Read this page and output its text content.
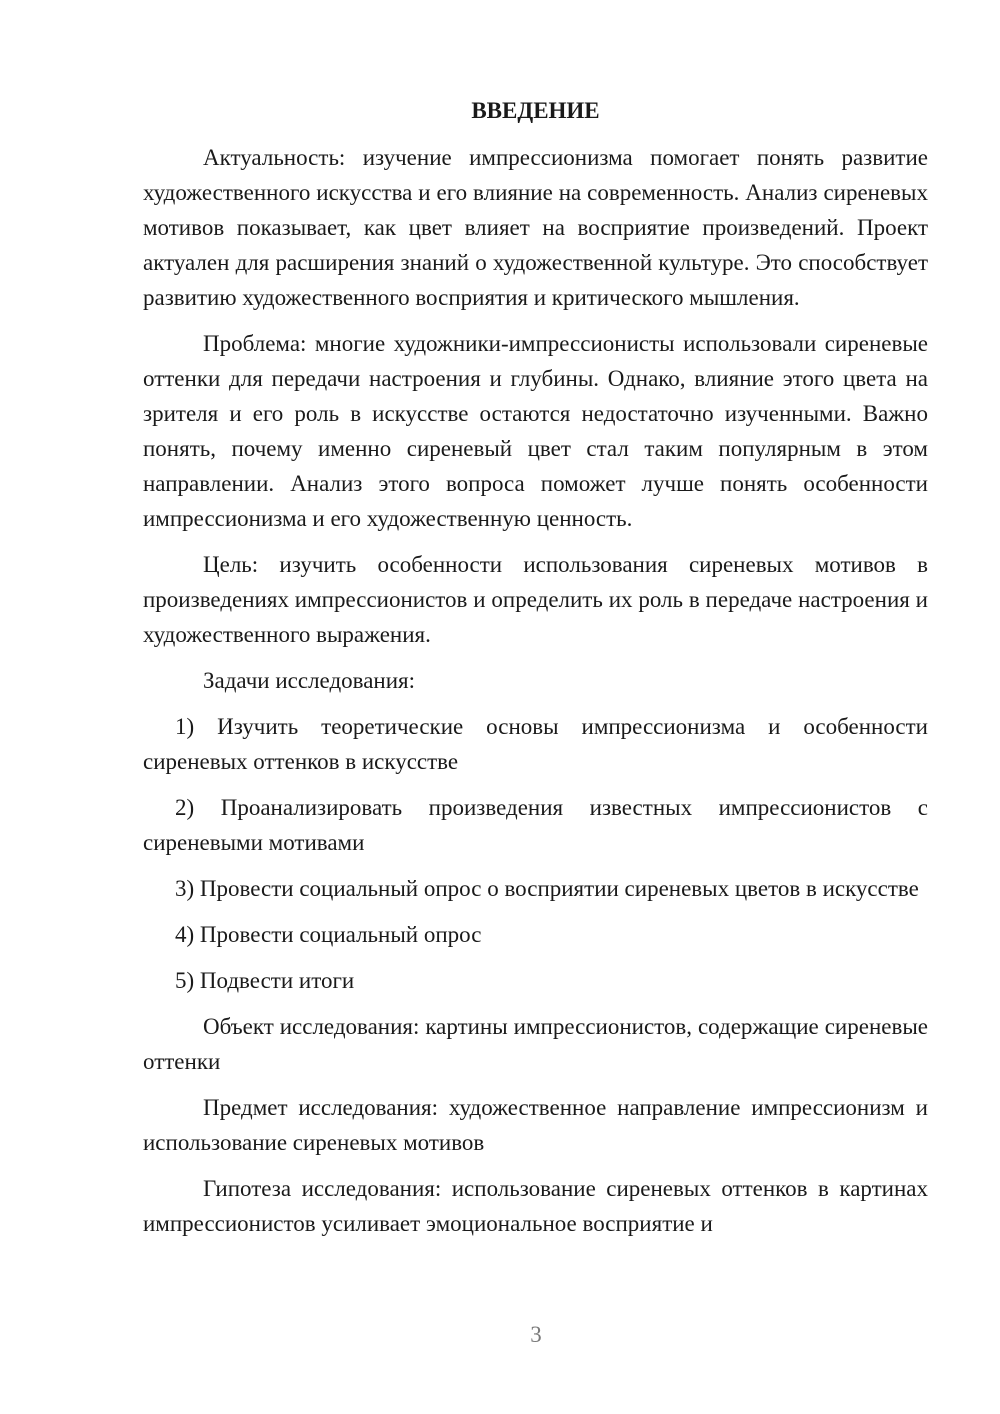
ВВЕДЕНИЕ

Актуальность: изучение импрессионизма помогает понять развитие художественного искусства и его влияние на современность. Анализ сиреневых мотивов показывает, как цвет влияет на восприятие произведений. Проект актуален для расширения знаний о художественной культуре. Это способствует развитию художественного восприятия и критического мышления.

Проблема: многие художники-импрессионисты использовали сиреневые оттенки для передачи настроения и глубины. Однако, влияние этого цвета на зрителя и его роль в искусстве остаются недостаточно изученными. Важно понять, почему именно сиреневый цвет стал таким популярным в этом направлении. Анализ этого вопроса поможет лучше понять особенности импрессионизма и его художественную ценность.

Цель: изучить особенности использования сиреневых мотивов в произведениях импрессионистов и определить их роль в передаче настроения и художественного выражения.

Задачи исследования:

1) Изучить теоретические основы импрессионизма и особенности сиреневых оттенков в искусстве

2) Проанализировать произведения известных импрессионистов с сиреневыми мотивами

3) Провести социальный опрос о восприятии сиреневых цветов в искусстве

4) Провести социальный опрос

5) Подвести итоги

Объект исследования: картины импрессионистов, содержащие сиреневые оттенки

Предмет исследования: художественное направление импрессионизм и использование сиреневых мотивов

Гипотеза исследования: использование сиреневых оттенков в картинах импрессионистов усиливает эмоциональное восприятие и

3
